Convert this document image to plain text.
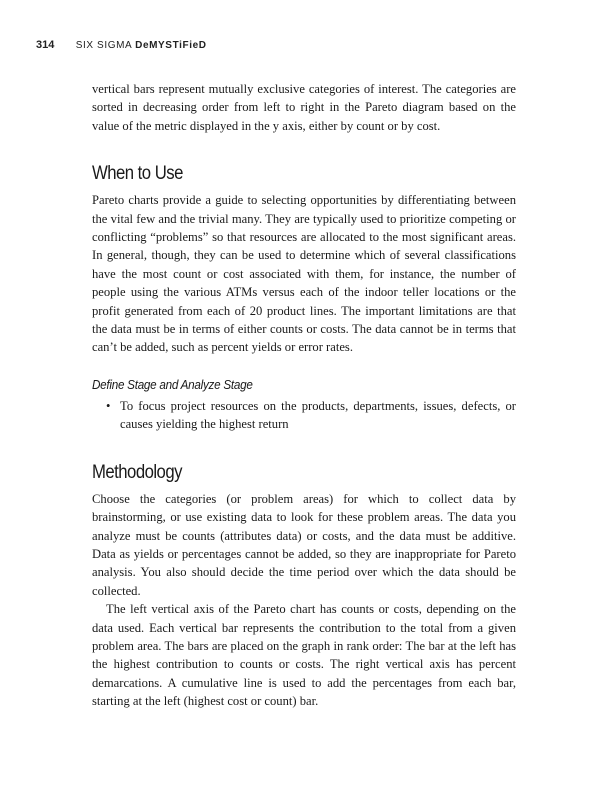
314 SIX SIGMA DeMYSTiFieD

vertical bars represent mutually exclusive categories of interest. The categories are sorted in decreasing order from left to right in the Pareto diagram based on the value of the metric displayed in the y axis, either by count or by cost.

When to Use

Pareto charts provide a guide to selecting opportunities by differentiating between the vital few and the trivial many. They are typically used to prioritize competing or conflicting “problems” so that resources are allocated to the most significant areas. In general, though, they can be used to determine which of several classifications have the most count or cost associated with them, for instance, the number of people using the various ATMs versus each of the indoor teller locations or the profit generated from each of 20 product lines. The important limitations are that the data must be in terms of either counts or costs. The data cannot be in terms that can’t be added, such as percent yields or error rates.

Define Stage and Analyze Stage
• To focus project resources on the products, departments, issues, defects, or causes yielding the highest return
Methodology

Choose the categories (or problem areas) for which to collect data by brainstorming, or use existing data to look for these problem areas. The data you analyze must be counts (attributes data) or costs, and the data must be additive. Data as yields or percentages cannot be added, so they are inappropriate for Pareto analysis. You also should decide the time period over which the data should be collected.

The left vertical axis of the Pareto chart has counts or costs, depending on the data used. Each vertical bar represents the contribution to the total from a given problem area. The bars are placed on the graph in rank order: The bar at the left has the highest contribution to counts or costs. The right vertical axis has percent demarcations. A cumulative line is used to add the percentages from each bar, starting at the left (highest cost or count) bar.
